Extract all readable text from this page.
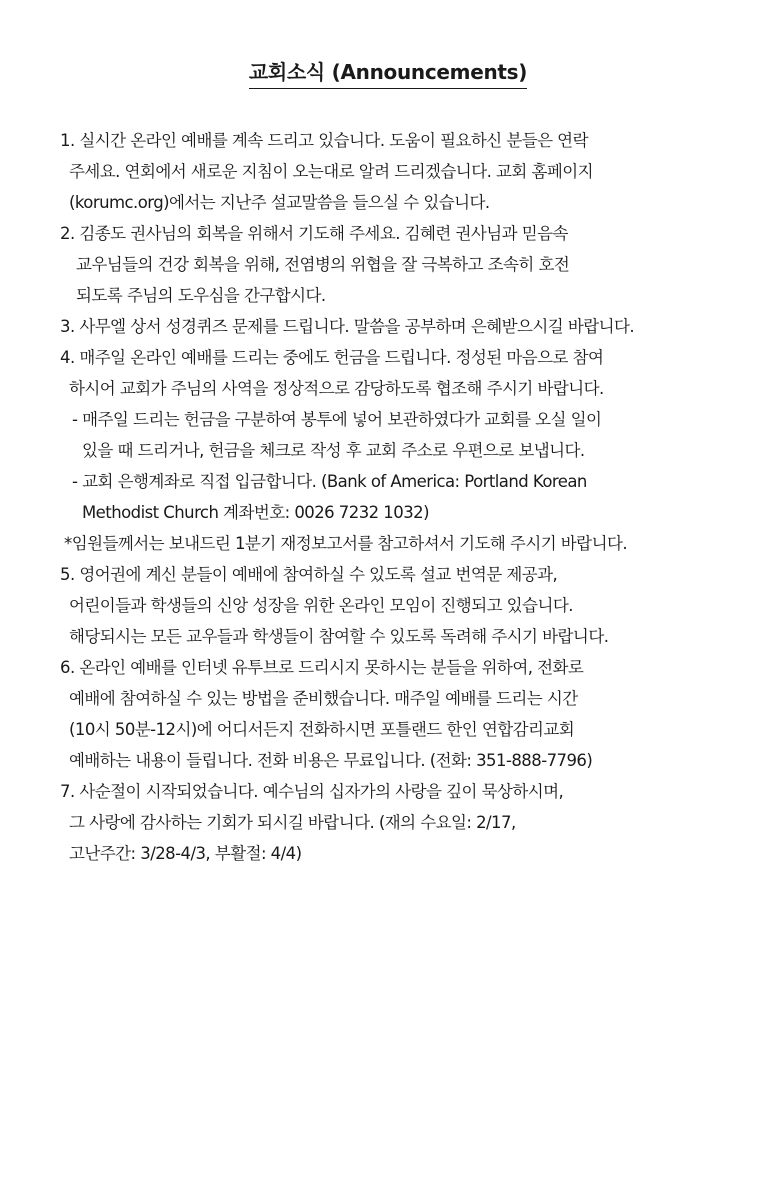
교회소식 (Announcements)
1. 실시간 온라인 예배를 계속 드리고 있습니다. 도움이 필요하신 분들은 연락
주세요. 연회에서 새로운 지침이 오는대로 알려 드리겠습니다. 교회 홈페이지
(korumc.org)에서는 지난주 설교말씀을 들으실 수 있습니다.
2. 김종도 권사님의 회복을 위해서 기도해 주세요. 김혜련 권사님과 믿음속
교우님들의 건강 회복을 위해, 전염병의 위협을 잘 극복하고 조속히 호전
되도록 주님의 도우심을 간구합시다.
3. 사무엘 상서 성경퀴즈 문제를 드립니다. 말씀을 공부하며 은혜받으시길 바랍니다.
4. 매주일 온라인 예배를 드리는 중에도 헌금을 드립니다. 정성된 마음으로 참여
하시어 교회가 주님의 사역을 정상적으로 감당하도록 협조해 주시기 바랍니다.
- 매주일 드리는 헌금을 구분하여 봉투에 넣어 보관하였다가 교회를 오실 일이
있을 때 드리거나, 헌금을 체크로 작성 후 교회 주소로 우편으로 보냅니다.
- 교회 은행계좌로 직접 입금합니다. (Bank of America: Portland Korean
Methodist Church 계좌번호: 0026 7232 1032)
*임원들께서는 보내드린 1분기 재정보고서를 참고하셔서 기도해 주시기 바랍니다.
5. 영어권에 계신 분들이 예배에 참여하실 수 있도록 설교 번역문 제공과,
어린이들과 학생들의 신앙 성장을 위한 온라인 모임이 진행되고 있습니다.
해당되시는 모든 교우들과 학생들이 참여할 수 있도록 독려해 주시기 바랍니다.
6. 온라인 예배를 인터넷 유투브로 드리시지 못하시는 분들을 위하여, 전화로
예배에 참여하실 수 있는 방법을 준비했습니다. 매주일 예배를 드리는 시간
(10시 50분-12시)에 어디서든지 전화하시면 포틀랜드 한인 연합감리교회
예배하는 내용이 들립니다. 전화 비용은 무료입니다. (전화: 351-888-7796)
7. 사순절이 시작되었습니다. 예수님의 십자가의 사랑을 깊이 묵상하시며,
그 사랑에 감사하는 기회가 되시길 바랍니다. (재의 수요일: 2/17,
고난주간: 3/28-4/3, 부활절: 4/4)
